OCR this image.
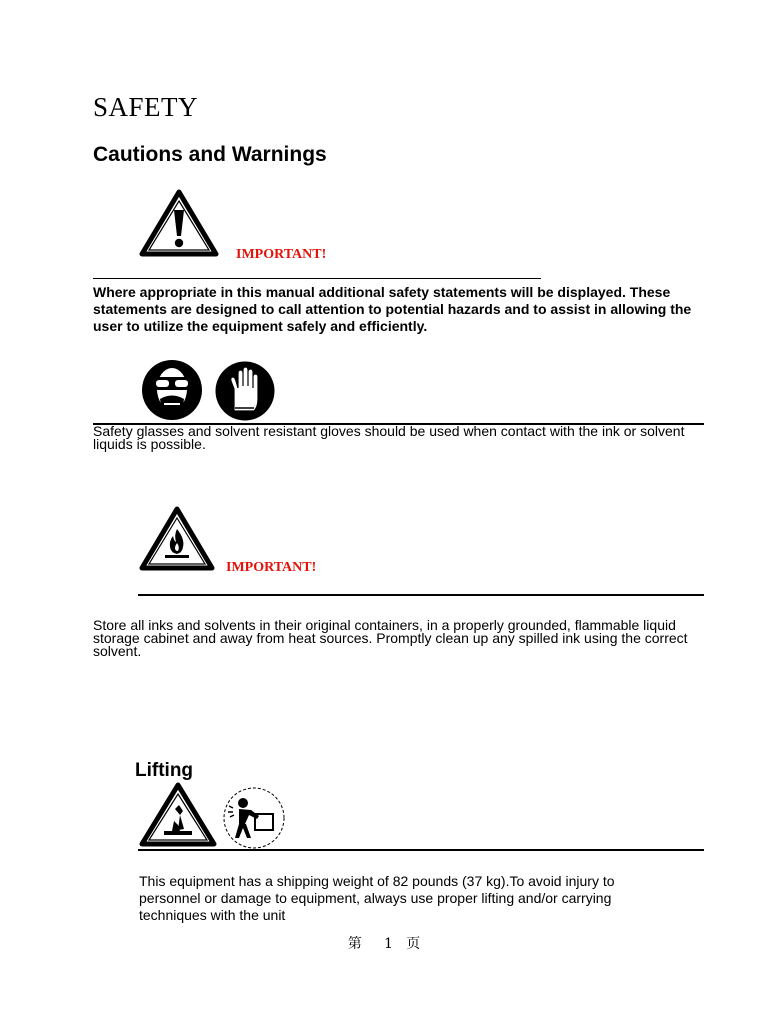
SAFETY
Cautions and Warnings
IMPORTANT!
Where appropriate in this manual additional safety statements will be displayed. These statements are designed to call attention to potential hazards and to assist in allowing the user to utilize the equipment safely and efficiently.
Safety glasses and solvent resistant gloves should be used when contact with the ink or solvent liquids is possible.
IMPORTANT!
Store all inks and solvents in their original containers, in a properly grounded, flammable liquid storage cabinet and away from heat sources. Promptly clean up any spilled ink using the correct solvent.
Lifting
This equipment has a shipping weight of 82 pounds (37 kg).To avoid injury to personnel or damage to equipment, always use proper lifting and/or carrying techniques with the unit
第     1   页
